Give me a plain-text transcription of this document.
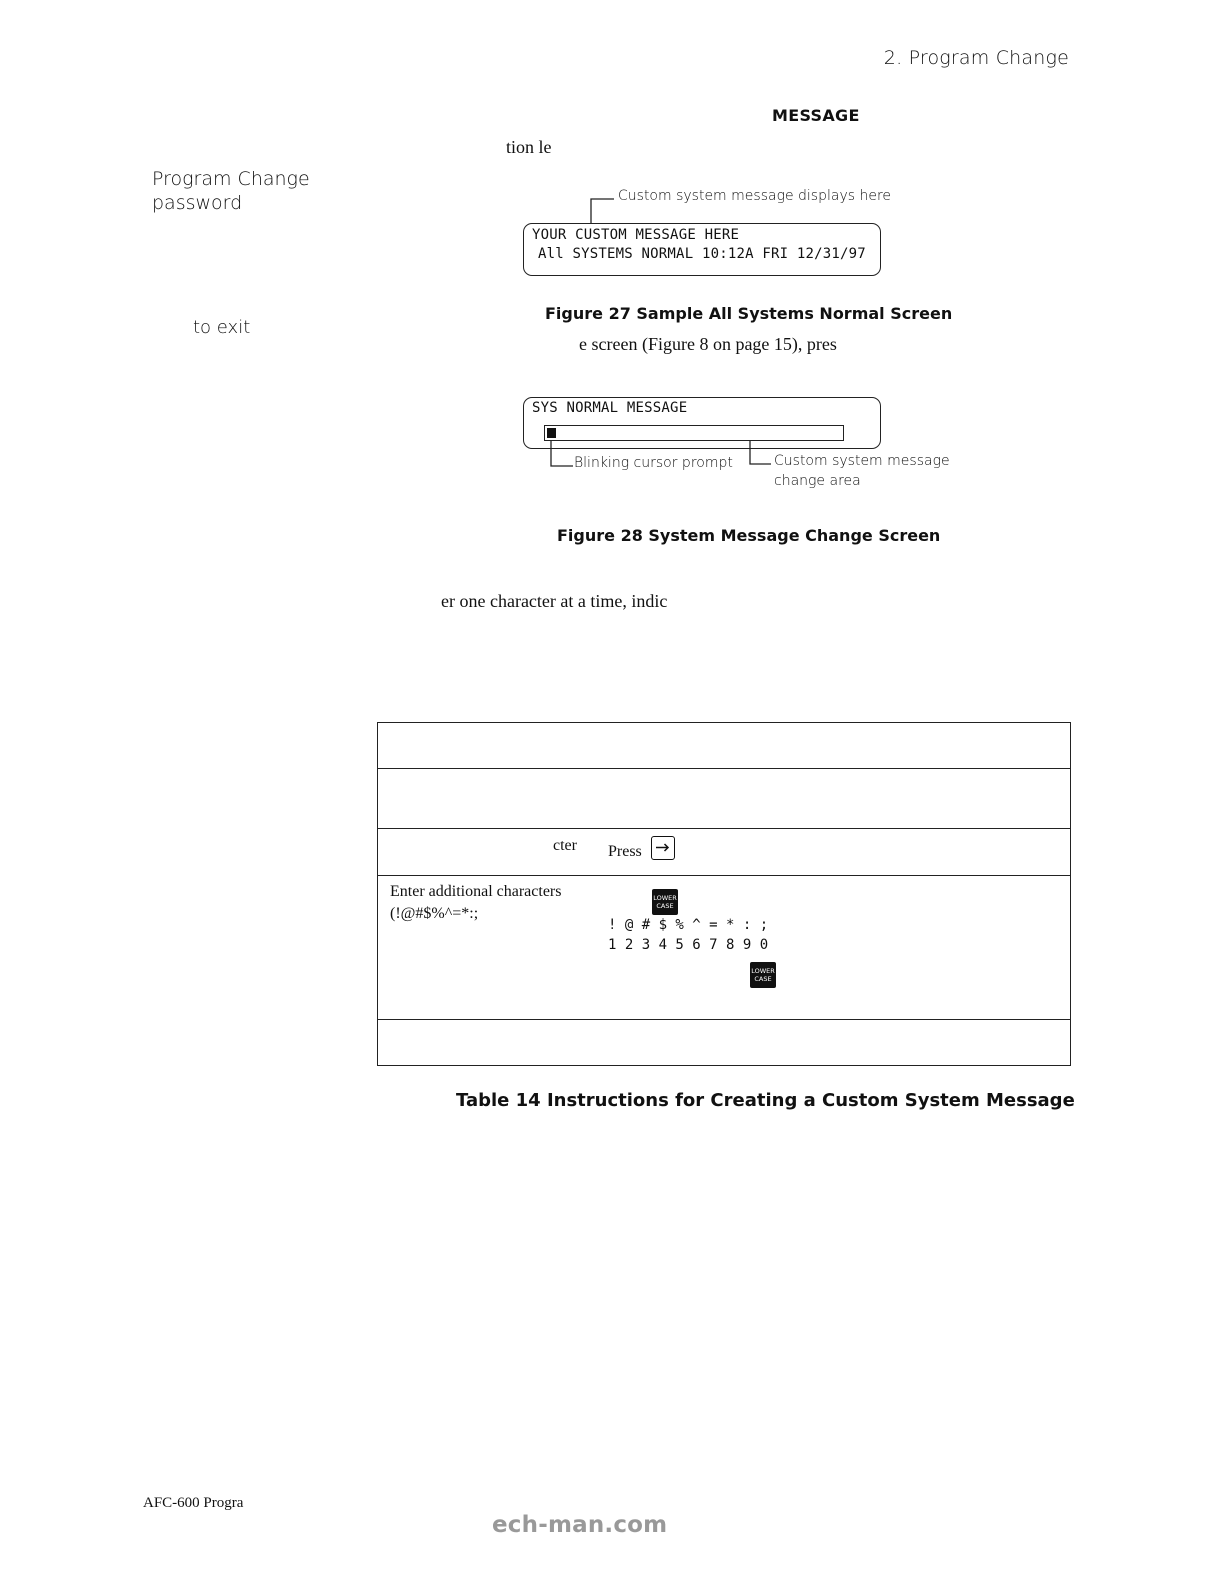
2. Program Change
MESSAGE
tion le
Program Change password
to exit
Custom system message displays here
YOUR CUSTOM MESSAGE HERE
All SYSTEMS NORMAL 10:12A FRI 12/31/97
Figure 27 Sample All Systems Normal Screen
e screen (Figure 8 on page 15), pres
SYS NORMAL MESSAGE
Blinking cursor prompt	Custom system message
change area
Figure 28 System Message Change Screen
er one character at a time, indic
cter Press
Enter additional characters
(!@#$%^=*:;
LOWER
CASE
! @ # $ % ^ = * : ;
1 2 3 4 5 6 7 8 9 0
LOWER
CASE
Table 14 Instructions for Creating a Custom System Message
AFC-600 Progra
ech-man.com
